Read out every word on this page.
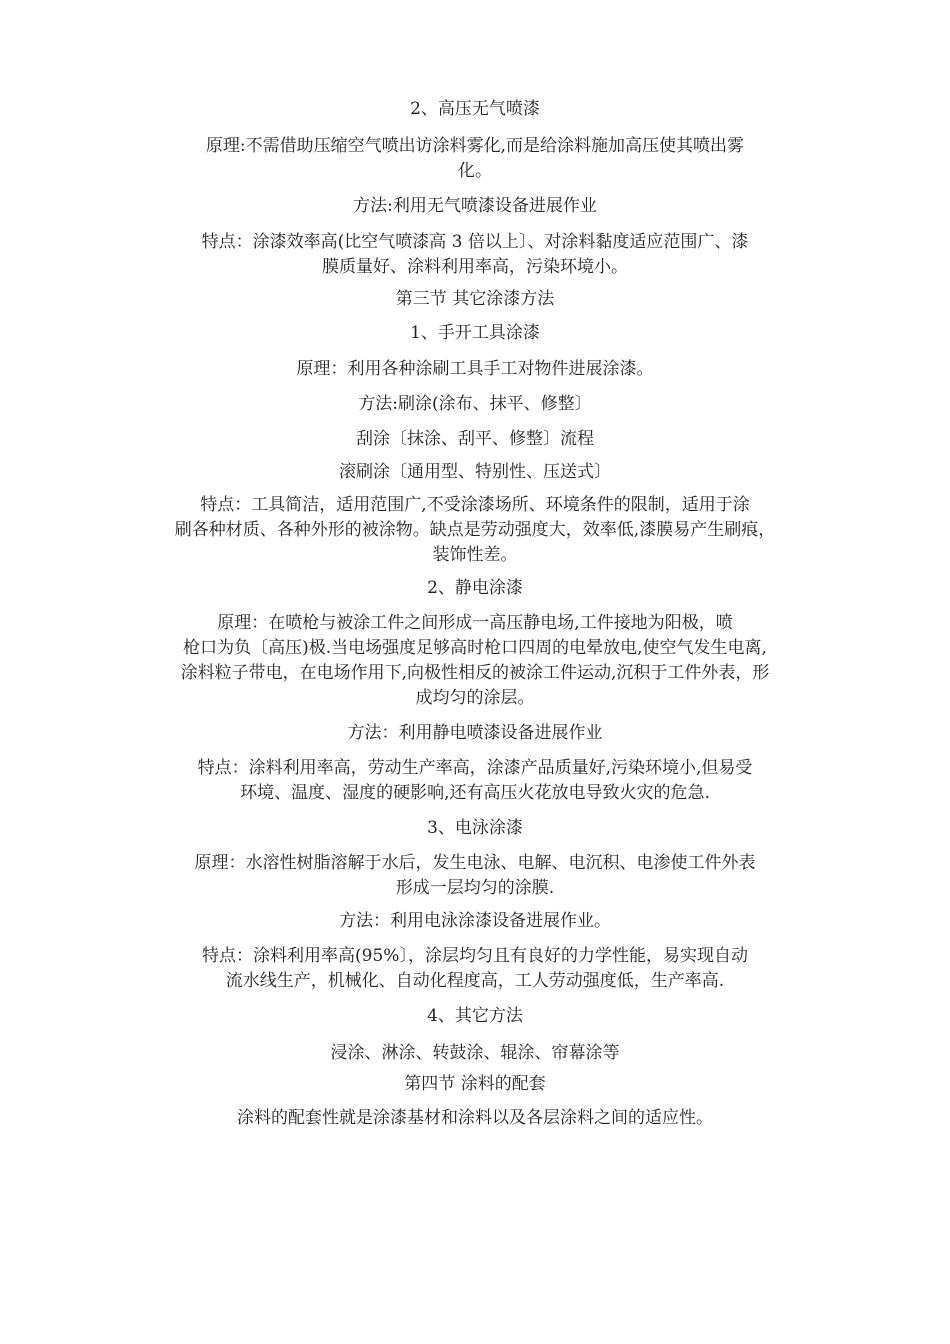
2、高压无气喷漆
原理:不需借助压缩空气喷出访涂料雾化,而是给涂料施加高压使其喷出雾
化。
方法:利用无气喷漆设备进展作业
特点：涂漆效率高(比空气喷漆高 3 倍以上〕、对涂料黏度适应范围广、漆
膜质量好、涂料利用率高，污染环境小。
第三节 其它涂漆方法
1、手开工具涂漆
原理：利用各种涂刷工具手工对物件进展涂漆。
方法:刷涂(涂布、抹平、修整〕
刮涂〔抹涂、刮平、修整〕流程
滚刷涂〔通用型、特别性、压送式〕
特点：工具简洁，适用范围广,不受涂漆场所、环境条件的限制，适用于涂
刷各种材质、各种外形的被涂物。缺点是劳动强度大，效率低,漆膜易产生刷痕，
装饰性差。
2、静电涂漆
原理：在喷枪与被涂工件之间形成一高压静电场,工件接地为阳极，喷
枪口为负〔高压)极.当电场强度足够高时枪口四周的电晕放电,使空气发生电离,
涂料粒子带电，在电场作用下,向极性相反的被涂工件运动,沉积于工件外表，形
成均匀的涂层。
方法：利用静电喷漆设备进展作业
特点：涂料利用率高，劳动生产率高，涂漆产品质量好,污染环境小,但易受
环境、温度、湿度的硬影响,还有高压火花放电导致火灾的危急.
3、电泳涂漆
原理：水溶性树脂溶解于水后，发生电泳、电解、电沉积、电渗使工件外表
形成一层均匀的涂膜.
方法：利用电泳涂漆设备进展作业。
特点：涂料利用率高(95%〕，涂层均匀且有良好的力学性能，易实现自动
流水线生产，机械化、自动化程度高，工人劳动强度低，生产率高.
4、其它方法
浸涂、淋涂、转鼓涂、辊涂、帘幕涂等
第四节 涂料的配套
涂料的配套性就是涂漆基材和涂料以及各层涂料之间的适应性。
